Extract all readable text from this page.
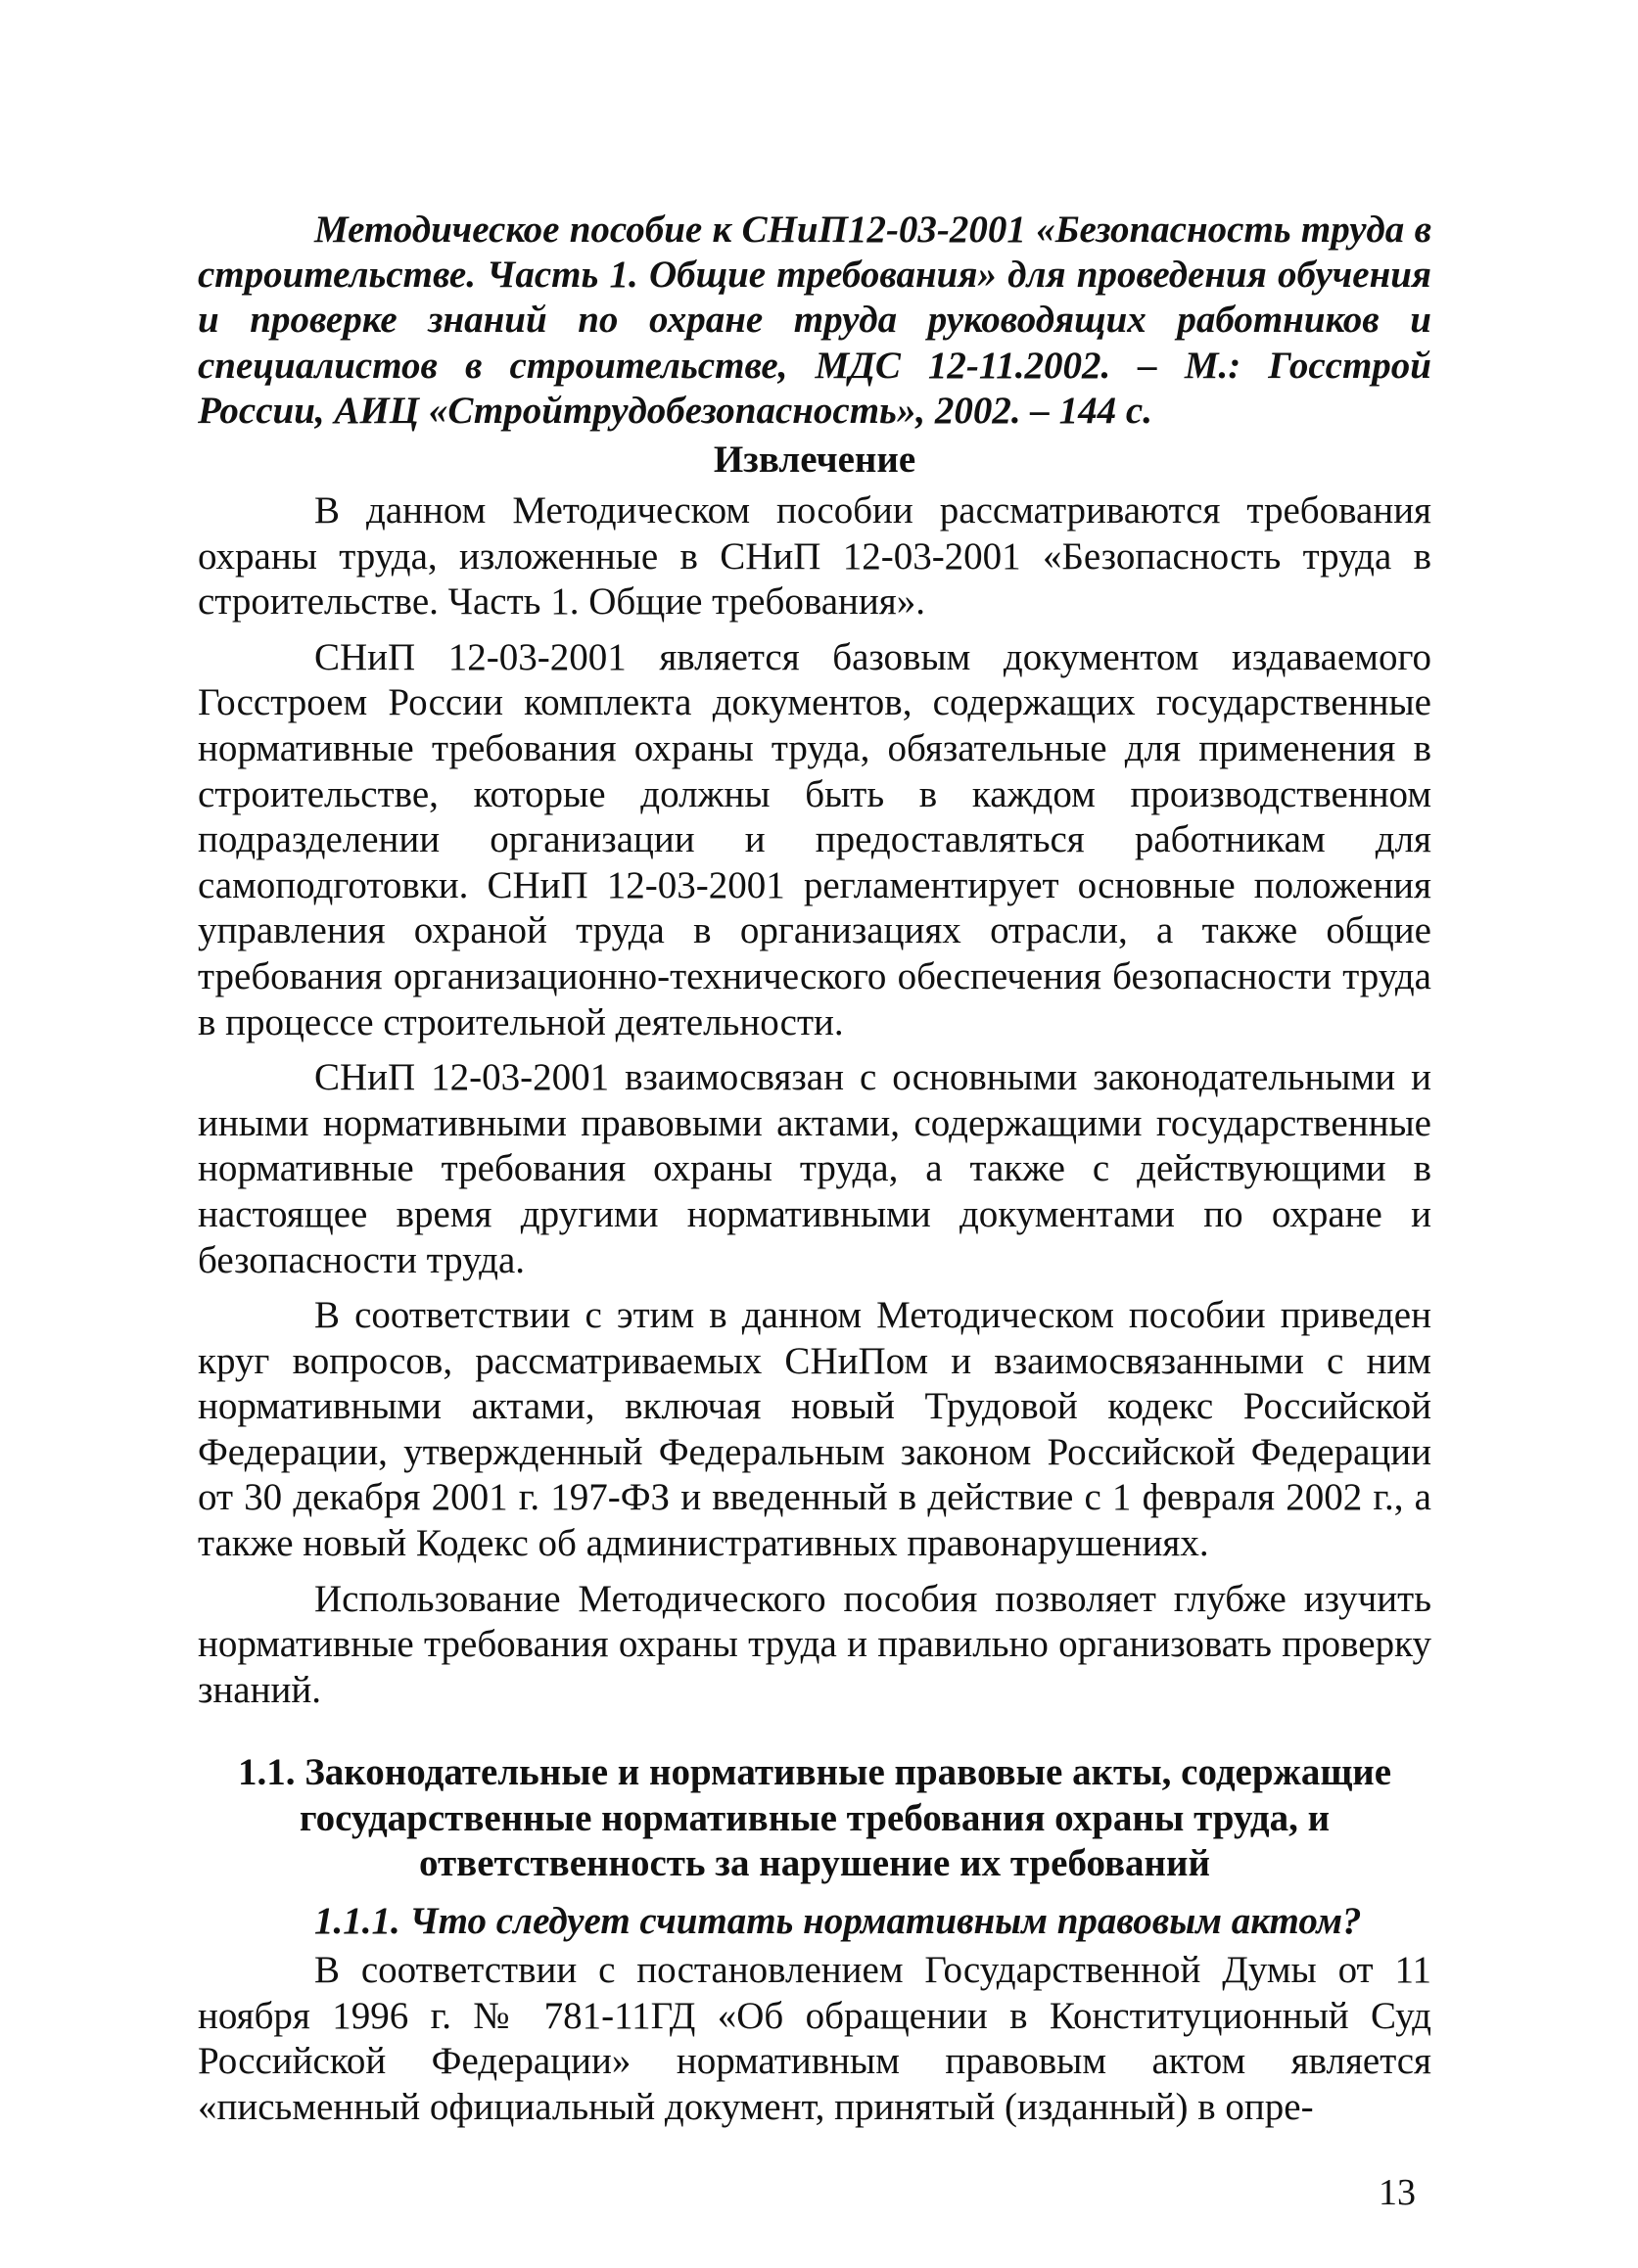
Методическое пособие к СНиП12-03-2001 «Безопасность труда в строительстве. Часть 1. Общие требования» для проведения обучения и проверке знаний по охране труда руководящих работников и специалистов в строительстве, МДС 12-11.2002. – М.: Госстрой России, АИЦ «Стройтрудобезопасность», 2002. – 144 с.

Извлечение

В данном Методическом пособии рассматриваются требования охраны труда, изложенные в СНиП 12-03-2001 «Безопасность труда в строительстве. Часть 1. Общие требования».

СНиП 12-03-2001 является базовым документом издаваемого Госстроем России комплекта документов, содержащих государственные нормативные требования охраны труда, обязательные для применения в строительстве, которые должны быть в каждом производственном подразделении организации и предоставляться работникам для самоподготовки. СНиП 12-03-2001 регламентирует основные положения управления охраной труда в организациях отрасли, а также общие требования организационно-технического обеспечения безопасности труда в процессе строительной деятельности.

СНиП 12-03-2001 взаимосвязан с основными законодательными и иными нормативными правовыми актами, содержащими государственные нормативные требования охраны труда, а также с действующими в настоящее время другими нормативными документами по охране и безопасности труда.

В соответствии с этим в данном Методическом пособии приведен круг вопросов, рассматриваемых СНиПом и взаимосвязанными с ним нормативными актами, включая новый Трудовой кодекс Российской Федерации, утвержденный Федеральным законом Российской Федерации от 30 декабря 2001 г. 197-ФЗ и введенный в действие с 1 февраля 2002 г., а также новый Кодекс об административных правонарушениях.

Использование Методического пособия позволяет глубже изучить нормативные требования охраны труда и правильно организовать проверку знаний.

1.1. Законодательные и нормативные правовые акты, содержащие государственные нормативные требования охраны труда, и ответственность за нарушение их требований

1.1.1. Что следует считать нормативным правовым актом?

В соответствии с постановлением Государственной Думы от 11 ноября 1996 г. № 781-11ГД «Об обращении в Конституционный Суд Российской Федерации» нормативным правовым актом является «письменный официальный документ, принятый (изданный) в опре-

13
